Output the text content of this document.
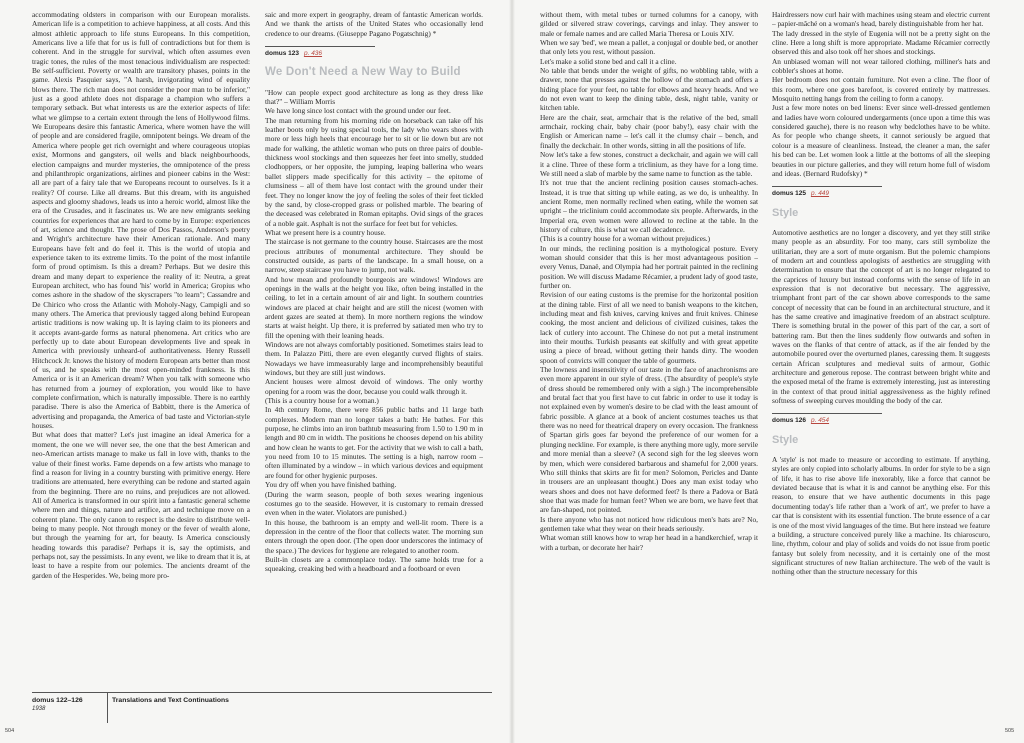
accommodating oldsters in comparison with our European moralists. American life is a competition to achieve happiness, at all costs. And this almost athletic approach to life stuns Europeans. In this competition, Americans live a life that for us is full of contradictions but for them is coherent. And in the struggle for survival, which often assumes even tragic tones, the rules of the most tenacious individualism are respected: Be self-sufficient. Poverty or wealth are transitory phases, points in the game. Alexis Pasquier says, "A harsh, invigorating wind of equality blows there. The rich man does not consider the poor man to be inferior," just as a good athlete does not disparage a champion who suffers a temporary setback. But what interests us are the exterior aspects of life: what we glimpse to a certain extent through the lens of Hollywood films. We Europeans desire this fantastic America, where women have the will of people and are considered fragile, omnipotent beings. We dream of the America where people get rich overnight and where courageous utopias exist, Mormons and gangsters, oil wells and black neighbourhoods, election campaigns and murder mysteries, the omnipotence of the press and philanthropic organizations, airlines and pioneer cabins in the West: all are part of a fairy tale that we Europeans recount to ourselves. Is it a reality? Of course. Like all dreams. But this dream, with its anguished aspects and gloomy shadows, leads us into a heroic world, almost like the era of the Crusades, and it fascinates us. We are new emigrants seeking countries for experiences that are hard to come by in Europe: experiences of art, science and thought. The prose of Dos Passos, Anderson's poetry and Wright's architecture have their American rationale. And many Europeans have felt and do feel it. This is the world of utopia and experience taken to its extreme limits. To the point of the most infantile form of proud optimism. Is this a dream? Perhaps. But we desire this dream and many depart to experience the reality of it: Neutra, a great European architect, who has found 'his' world in America; Gropius who comes ashore in the shadow of the skyscrapers "to learn"; Cassandre and De Chirico who cross the Atlantic with Moholy-Nagy, Campigli and so many others. The America that previously tagged along behind European artistic traditions is now waking up. It is laying claim to its pioneers and it accepts avant-garde forms as natural phenomena. Art critics who are perfectly up to date about European developments live and speak in America with previously unheard-of authoritativeness. Henry Russell Hitchcock Jr. knows the history of modern European arts better than most of us, and he speaks with the most open-minded frankness. Is this America or is it an American dream? When you talk with someone who has returned from a journey of exploration, you would like to have complete confirmation, which is naturally impossible. There is no earthly paradise. There is also the America of Babbitt, there is the America of advertising and propaganda, the America of bad taste and Victorian-style houses.

But what does that matter? Let's just imagine an ideal America for a moment, the one we will never see, the one that the best American and neo-American artists manage to make us fall in love with, thanks to the value of their finest works. Fame depends on a few artists who manage to find a reason for living in a country bursting with primitive energy. Here traditions are attenuated, here everything can be redone and started again from the beginning. There are no ruins, and prejudices are not allowed. All of America is transformed in our spirit into a fantastic general scheme where men and things, nature and artifice, art and technique move on a coherent plane. The only canon to respect is the desire to distribute well-being to many people. Not through money or the fever of wealth alone, but through the yearning for art, for beauty. Is America consciously heading towards this paradise? Perhaps it is, say the optimists, and perhaps not, say the pessimists. In any event, we like to dream that it is, at least to have a respite from our polemics. The ancients dreamt of the garden of the Hesperides. We, being more pro-

saic and more expert in geography, dream of fantastic American worlds. And we thank the artists of the United States who occasionally lend credence to our dreams. (Giuseppe Pagano Pogatschnig) *

domus 123 p. 436
We Don't Need a New Way to Build

"How can people expect good architecture as long as they dress like that?" – William Morris

We have long since lost contact with the ground under our feet.

The man returning from his morning ride on horseback can take off his leather boots only by using special tools, the lady who wears shoes with more or less high heels that encourage her to sit or lie down but are not made for walking, the athletic woman who puts on three pairs of double-thickness wool stockings and then squeezes her feet into smelly, studded clodhoppers, or her opposite, the jumping, leaping ballerina who wears ballet slippers made specifically for this activity – the epitome of clumsiness – all of them have lost contact with the ground under their feet. They no longer know the joy of feeling the soles of their feet tickled by the sand, by close-cropped grass or polished marble. The bearing of the deceased was celebrated in Roman epitaphs. Ovid sings of the graces of a noble gait. Asphalt is not the surface for feet but for vehicles.

What we present here is a country house.

The staircase is not germane to the country house. Staircases are the most precious attributes of monumental architecture. They should be constructed outside, as parts of the landscape. In a small house, on a narrow, steep staircase you have to jump, not walk.

And how mean and profoundly bourgeois are windows! Windows are openings in the walls at the height you like, often being installed in the ceiling, to let in a certain amount of air and light. In southern countries windows are placed at chair height and are still the nicest (women with ardent gazes are seated at them). In more northern regions the window starts at waist height. Up there, it is preferred by satiated men who try to fill the opening with their leaning heads.

Windows are not always comfortably positioned. Sometimes stairs lead to them. In Palazzo Pitti, there are even elegantly curved flights of stairs. Nowadays we have immeasurably large and incomprehensibly beautiful windows, but they are still just windows.

Ancient houses were almost devoid of windows. The only worthy opening for a room was the door, because you could walk through it.

(This is a country house for a woman.)

In 4th century Rome, there were 856 public baths and 11 large bath complexes. Modern man no longer takes a bath: He bathes. For this purpose, he climbs into an iron bathtub measuring from 1.50 to 1.90 m in length and 80 cm in width. The positions he chooses depend on his ability and how clean he wants to get. For the activity that we wish to call a bath, you need from 10 to 15 minutes. The setting is a high, narrow room – often illuminated by a window – in which various devices and equipment are found for other hygienic purposes.

You dry off when you have finished bathing.

(During the warm season, people of both sexes wearing ingenious costumes go to the seaside. However, it is customary to remain dressed even when in the water. Violators are punished.)

In this house, the bathroom is an empty and well-lit room. There is a depression in the centre of the floor that collects water. The morning sun enters through the open door. (The open door underscores the intimacy of the space.) The devices for hygiene are relegated to another room.

Built-in closets are a commonplace today. The same holds true for a squeaking, creaking bed with a headboard and a footboard or even

domus 122–126
1938
Translations and Text Continuations

without them, with metal tubes or turned columns for a canopy, with gilded or silvered straw coverings, carvings and inlay. They answer to male or female names and are called Maria Theresa or Louis XIV.

When we say 'bed', we mean a pallet, a conjugal or double bed, or another that only lets you rest, without passion.

Let's make a solid stone bed and call it a cline.

No table that bends under the weight of gifts, no wobbling table, with a drawer, none that presses against the hollow of the stomach and offers a hiding place for your feet, no table for elbows and heavy heads. And we do not even want to keep the dining table, desk, night table, vanity or kitchen table.

Here are the chair, seat, armchair that is the relative of the bed, small armchair, rocking chair, baby chair (poor baby!), easy chair with the English or American name – let's call it the clumsy chair – bench, and finally the deckchair. In other words, sitting in all the positions of life.

Now let's take a few stones, construct a deckchair, and again we will call it a cline. Three of these form a triclinium, as they have for a long time. We still need a slab of marble by the same name to function as the table.

It's not true that the ancient reclining position causes stomach-aches. Instead, it is true that sitting up while eating, as we do, is unhealthy. In ancient Rome, men normally reclined when eating, while the women sat upright – the triclinium could accommodate six people. Afterwards, in the Imperial era, even women were allowed to recline at the table. In the history of culture, this is what we call decadence.

(This is a country house for a woman without prejudices.)

In our minds, the reclining position is a mythological posture. Every woman should consider that this is her most advantageous position – every Venus, Danaë, and Olympia had her portrait painted in the reclining position. We will discuss Madame Récamier, a prudent lady of good taste, further on.

Revision of our eating customs is the premise for the horizontal position at the dining table. First of all we need to banish weapons to the kitchen, including meat and fish knives, carving knives and fruit knives. Chinese cooking, the most ancient and delicious of civilized cuisines, takes the lack of cutlery into account. The Chinese do not put a metal instrument into their mouths. Turkish peasants eat skilfully and with great appetite using a piece of bread, without getting their hands dirty. The wooden spoon of convicts will conquer the table of gourmets.

The lowness and insensitivity of our taste in the face of anachronisms are even more apparent in our style of dress. (The absurdity of people's style of dress should be remembered only with a sigh.) The incomprehensible and brutal fact that you first have to cut fabric in order to use it today is not explained even by women's desire to be clad with the least amount of fabric possible. A glance at a book of ancient costumes teaches us that there was no need for theatrical drapery on every occasion. The frankness of Spartan girls goes far beyond the preference of our women for a plunging neckline. For example, is there anything more ugly, more servile and more menial than a sleeve? (A second sigh for the leg sleeves worn by men, which were considered barbarous and shameful for 2,000 years. Who still thinks that skirts are fit for men? Solomon, Pericles and Dante in trousers are an unpleasant thought.) Does any man exist today who wears shoes and does not have deformed feet? Is there a Padova or Batà shoe that was made for human feet? When we are born, we have feet that are fan-shaped, not pointed.

Is there anyone who has not noticed how ridiculous men's hats are? No, gentlemen take what they wear on their heads seriously.

What woman still knows how to wrap her head in a handkerchief, wrap it with a turban, or decorate her hair?

Hairdressers now curl hair with machines using steam and electric current – papier-mâché on a woman's head, barely distinguishable from her hat.

The lady dressed in the style of Eugenia will not be a pretty sight on the cline. Here a long shift is more appropriate. Madame Récamier correctly observed this and also took off her shoes and stockings.

An unbiased woman will not wear tailored clothing, milliner's hats and cobbler's shoes at home.

Her bedroom does not contain furniture. Not even a cline. The floor of this room, where one goes barefoot, is covered entirely by mattresses. Mosquito netting hangs from the ceiling to form a canopy.

Just a few more notes on bed linens: Ever since well-dressed gentlemen and ladies have worn coloured undergarments (once upon a time this was considered gauche), there is no reason why bedclothes have to be white. As for people who change sheets, it cannot seriously be argued that colour is a measure of cleanliness. Instead, the cleaner a man, the safer his bed can be. Let women look a little at the bottoms of all the sleeping beauties in our picture galleries, and they will return home full of wisdom and ideas. (Bernard Rudofsky) *

domus 125 p. 449
Style

Automotive aesthetics are no longer a discovery, and yet they still strike many people as an absurdity. For too many, cars still symbolize the utilitarian, they are a sort of mute organism. But the polemic champions of modern art and countless apologists of aesthetics are struggling with determination to ensure that the concept of art is no longer relegated to the caprices of luxury but instead conforms with the sense of life in an expression that is not decorative but necessary. The aggressive, triumphant front part of the car shown above corresponds to the same concept of necessity that can be found in an architectural structure, and it has the same creative and imaginative freedom of an abstract sculpture. There is something brutal in the power of this part of the car, a sort of battering ram. But then the lines suddenly flow outwards and soften in waves on the flanks of that centre of attack, as if the air fended by the automobile poured over the overturned planes, caressing them. It suggests certain African sculptures and medieval suits of armour, Gothic architecture and generous repose. The contrast between bright white and the exposed metal of the frame is extremely interesting, just as interesting in the context of that proud initial aggressiveness as the highly refined softness of sweeping curves moulding the body of the car.

domus 126 p. 454
Style

A 'style' is not made to measure or according to estimate. If anything, styles are only copied into scholarly albums. In order for style to be a sign of life, it has to rise above life inexorably, like a force that cannot be deviated because that is what it is and cannot be anything else. For this reason, to ensure that we have authentic documents in this page documenting today's life rather than a 'work of art', we prefer to have a car that is consistent with its essential function. The brute essence of a car is one of the most vivid languages of the time. But here instead we feature a building, a structure conceived purely like a machine. Its chiaroscuro, line, rhythm, colour and play of solids and voids do not issue from poetic fantasy but solely from necessity, and it is certainly one of the most significant structures of new Italian architecture. The web of the vault is nothing other than the structure necessary for this

504	505
